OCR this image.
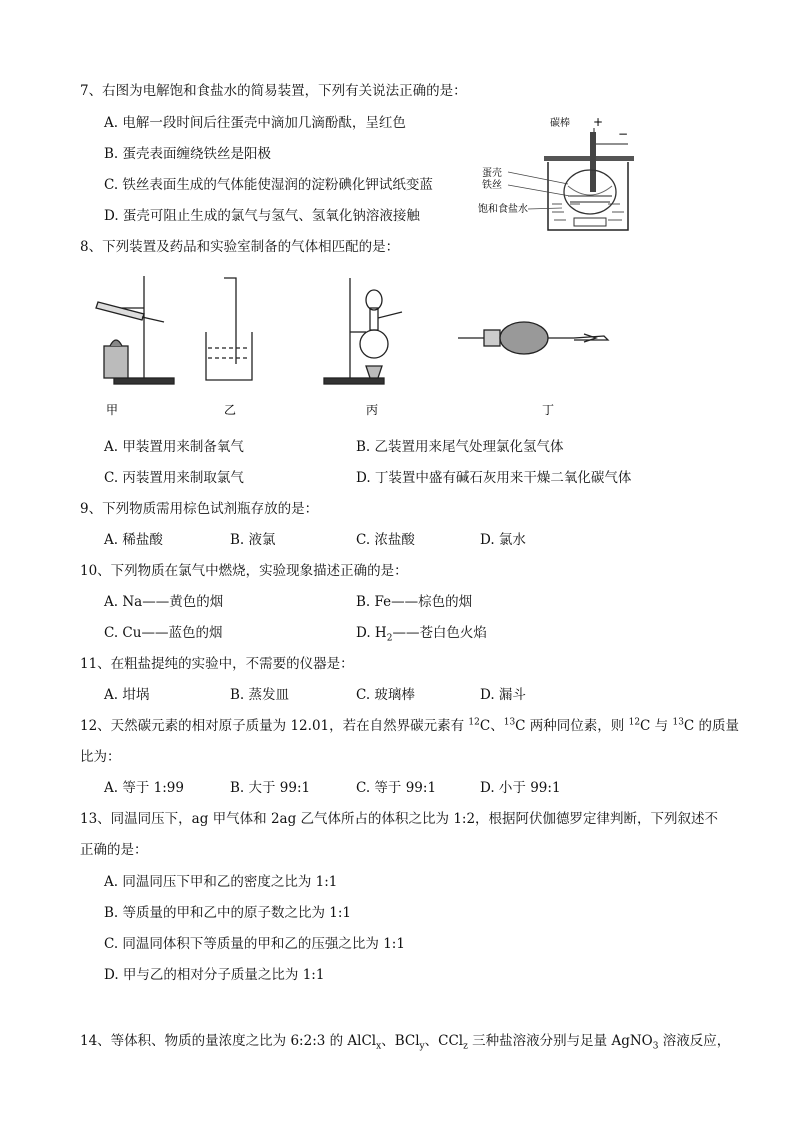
7、右图为电解饱和食盐水的简易装置，下列有关说法正确的是：
A. 电解一段时间后往蛋壳中滴加几滴酚酞，呈红色
B. 蛋壳表面缠绕铁丝是阳极
C. 铁丝表面生成的气体能使湿润的淀粉碘化钾试纸变蓝
D. 蛋壳可阻止生成的氯气与氢气、氢氧化钠溶液接触
碳棒 +
−
蛋壳
铁丝
饱和食盐水
8、下列装置及药品和实验室制备的气体相匹配的是：
甲	乙	丙	丁
A. 甲装置用来制备氧气	B. 乙装置用来尾气处理氯化氢气体
C. 丙装置用来制取氯气	D. 丁装置中盛有碱石灰用来干燥二氧化碳气体
9、下列物质需用棕色试剂瓶存放的是：
A. 稀盐酸	B. 液氯	C. 浓盐酸	D. 氯水
10、下列物质在氯气中燃烧，实验现象描述正确的是：
A. Na——黄色的烟	B. Fe——棕色的烟
C. Cu——蓝色的烟	D. $H_2——$苍白色火焰
11、在粗盐提纯的实验中，不需要的仪器是：
A. 坩埚	B. 蒸发皿	C. 玻璃棒	D. 漏斗
12、天然碳元素的相对原子质量为 12.01，若在自然界碳元素有 $^{12}$C、$^{13}$C 两种同位素，则 $^{12}$C 与 $^{13}$C 的质量
比为：
A. 等于 1:99	B. 大于 99:1	C. 等于 99:1	D. 小于 99:1
13、同温同压下，ag 甲气体和 2ag 乙气体所占的体积之比为 1:2，根据阿伏伽德罗定律判断，下列叙述不
正确的是：
A. 同温同压下甲和乙的密度之比为 1:1
B. 等质量的甲和乙中的原子数之比为 1:1
C. 同温同体积下等质量的甲和乙的压强之比为 1:1
D. 甲与乙的相对分子质量之比为 1:1
14、等体积、物质的量浓度之比为 6:2:3 的 AlCl$_x$、BCl$_y$、CCl$_z$ 三种盐溶液分别与足量 AgNO$_3$ 溶液反应，
